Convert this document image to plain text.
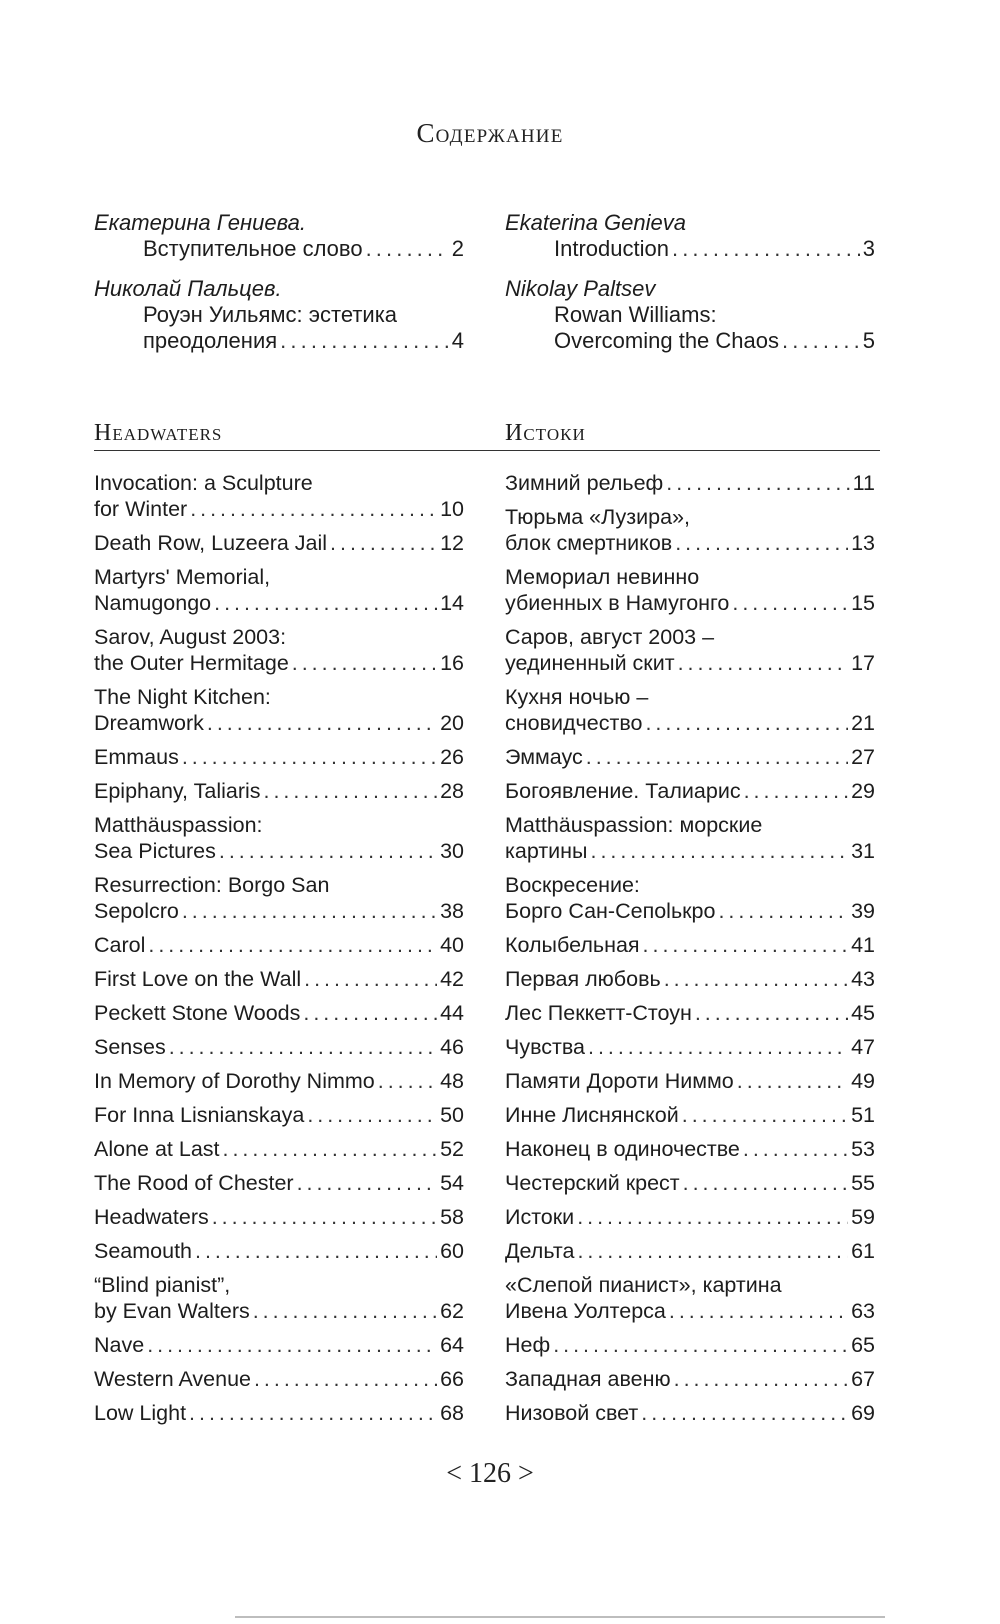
Содержание
Екатерина Гениева.
Вступительное слово . . .	2
Николай Пальцев.
Роуэн Уильямс: эстетика
преодоления . . .	4
Ekaterina Genieva
Introduction . . .	3
Nikolay Paltsev
Rowan Williams:
Overcoming the Chaos . . .	5
Headwaters	Истоки
Invocation: a Sculpture
for Winter . . .	10
Death Row, Luzeera Jail . . .	12
Martyrs' Memorial,
Namugongo . . .	14
Sarov, August 2003:
the Outer Hermitage . . .	16
The Night Kitchen:
Dreamwork . . .	20
Emmaus . . .	26
Epiphany, Taliaris . . .	28
Matthäuspassion:
Sea Pictures . . .	30
Resurrection: Borgo San
Sepolcro . . .	38
Carol . . .	40
First Love on the Wall . . .	42
Peckett Stone Woods . . .	44
Senses . . .	46
In Memory of Dorothy Nimmo . . .	48
For Inna Lisnianskaya . . .	50
Alone at Last . . .	52
The Rood of Chester . . .	54
Headwaters . . .	58
Seamouth . . .	60
“Blind pianist”,
by Evan Walters . . .	62
Nave . . .	64
Western Avenue . . .	66
Low Light . . .	68
Зимний рельеф . . .	11
Тюрьма «Лузира»,
блок смертников . . .	13
Мемориал невинно
убиенных в Намугонго . . .	15
Саров, август 2003 –
уединенный скит . . .	17
Кухня ночью –
сновидчество . . .	21
Эммаус . . .	27
Богоявление. Талиарис . . .	29
Matthäuspassion: морские
картины . . .	31
Воскресение:
Борго Сан-Сепolькро . . .	39
Колыбельная . . .	41
Первая любовь . . .	43
Лес Пеккетт-Стоун . . .	45
Чувства . . .	47
Памяти Дороти Ниммо . . .	49
Инне Лиснянской . . .	51
Наконец в одиночестве . . .	53
Честерский крест . . .	55
Истоки . . .	59
Дельта . . .	61
«Слепой пианист», картина
Ивена Уолтерса . . .	63
Неф . . .	65
Западная авеню . . .	67
Низовой свет . . .	69
< 126 >
